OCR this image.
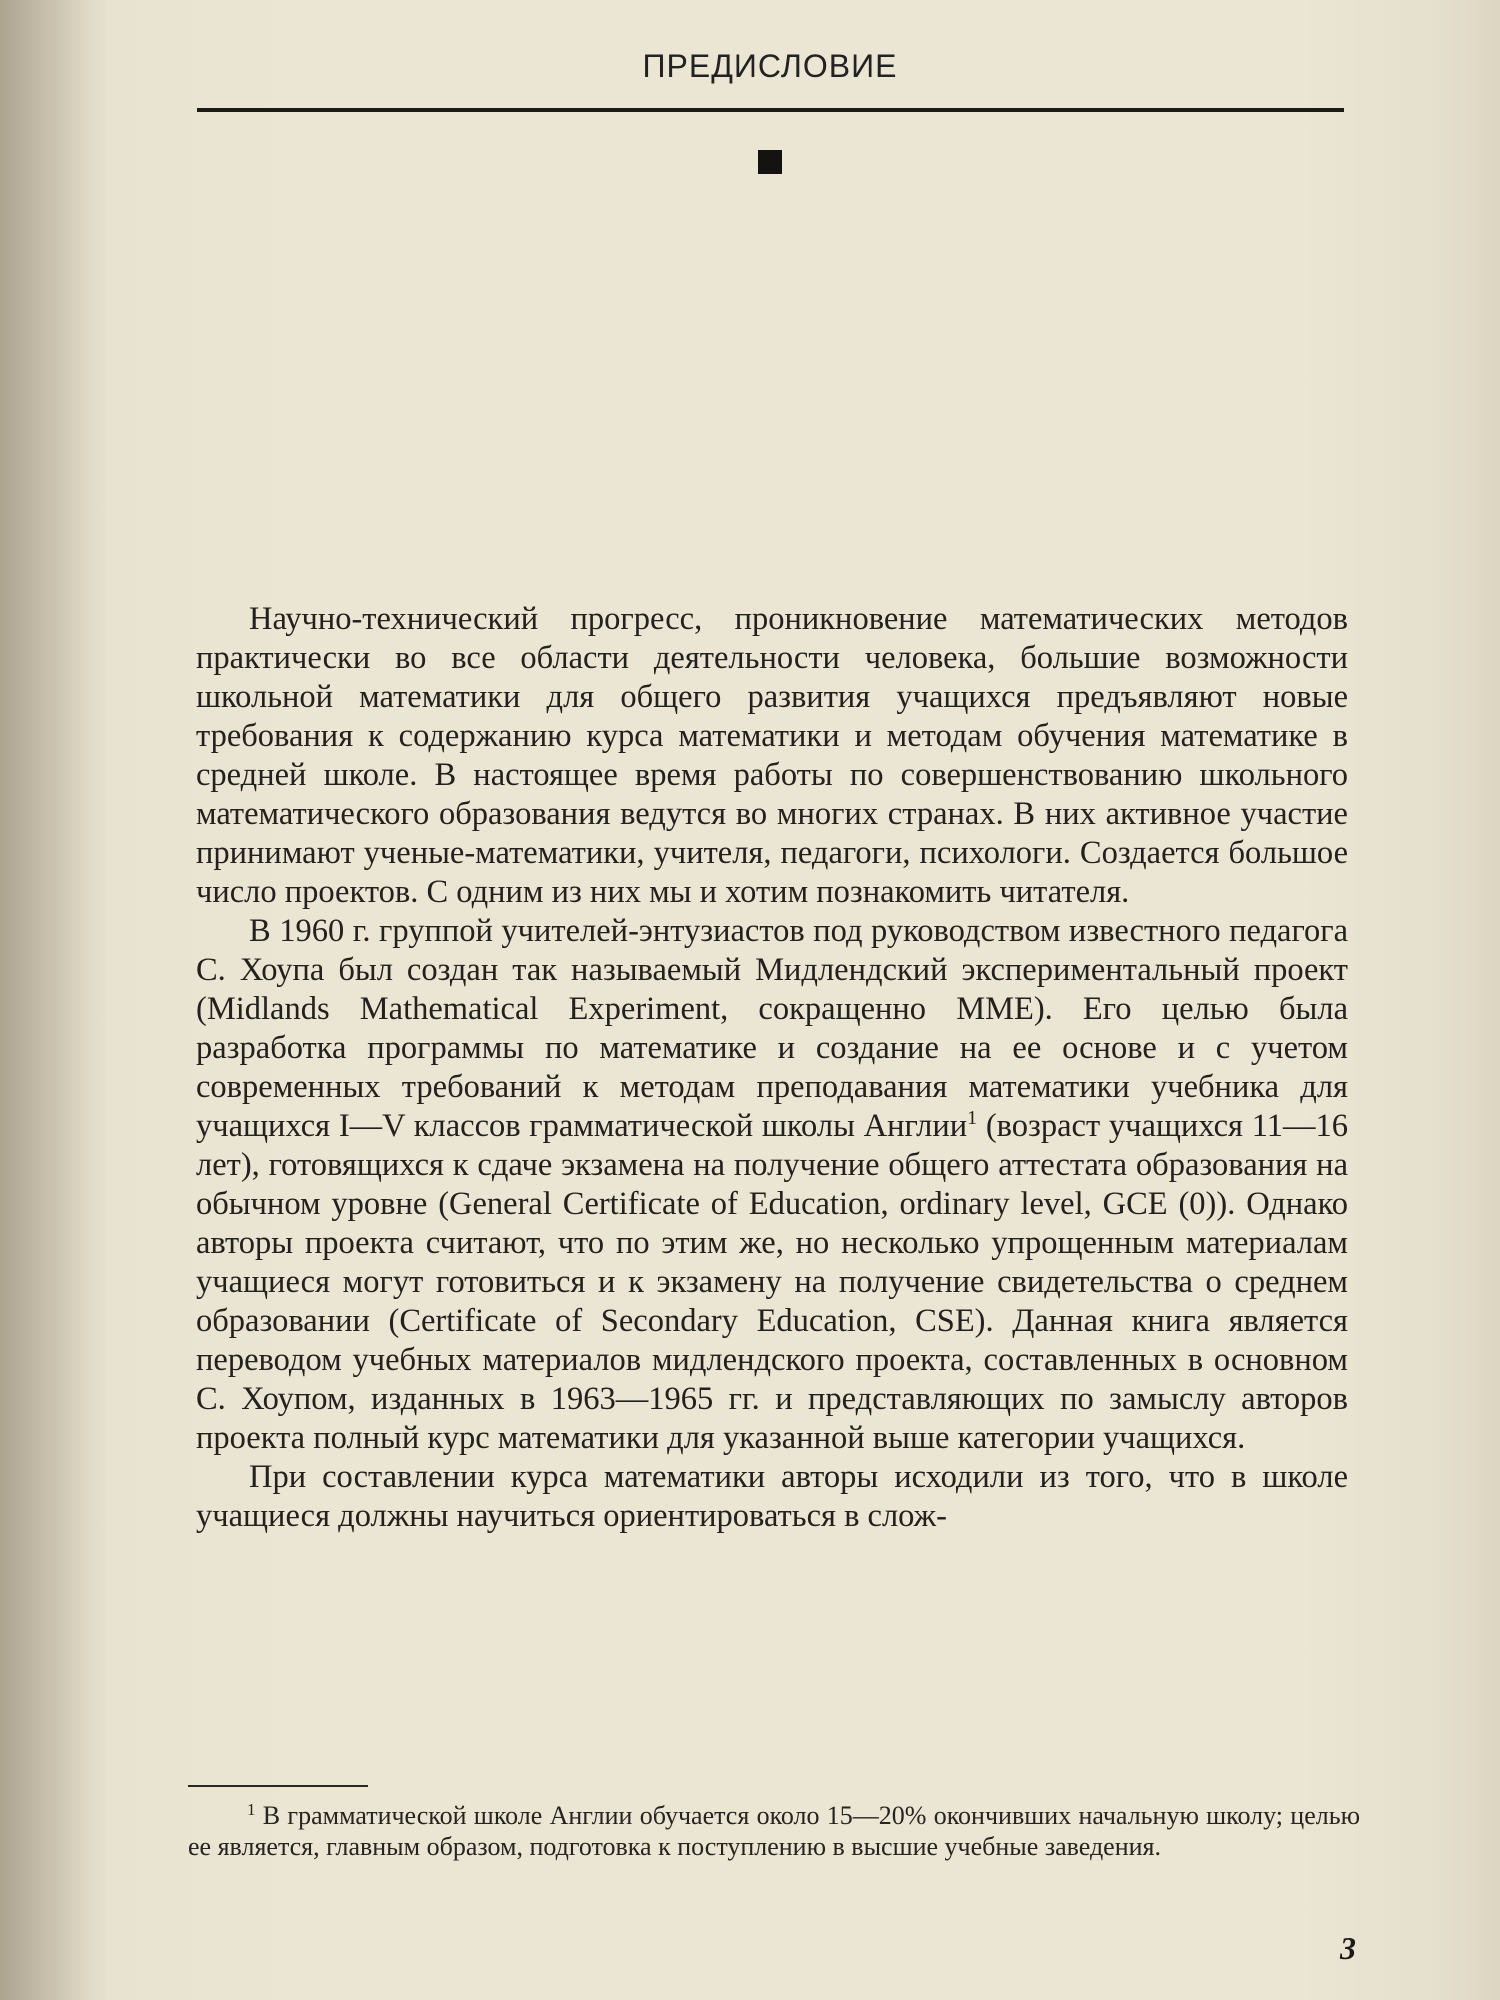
ПРЕДИСЛОВИЕ

Научно-технический прогресс, проникновение математических методов практически во все области деятельности человека, большие возможности школьной математики для общего развития учащихся предъявляют новые требования к содержанию курса математики и методам обучения математике в средней школе. В настоящее время работы по совершенствованию школьного математического образования ведутся во многих странах. В них активное участие принимают ученые-математики, учителя, педагоги, психологи. Создается большое число проектов. С одним из них мы и хотим познакомить читателя.

В 1960 г. группой учителей-энтузиастов под руководством известного педагога С. Хоупа был создан так называемый Мидлендский экспериментальный проект (Midlands Mathematical Experiment, сокращенно MME). Его целью была разработка программы по математике и создание на ее основе и с учетом современных требований к методам преподавания математики учебника для учащихся I—V классов грамматической школы Англии$^1$ (возраст учащихся 11—16 лет), готовящихся к сдаче экзамена на получение общего аттестата образования на обычном уровне (General Certificate of Education, ordinary level, GCE (0)). Однако авторы проекта считают, что по этим же, но несколько упрощенным материалам учащиеся могут готовиться и к экзамену на получение свидетельства о среднем образовании (Certificate of Secondary Education, CSE). Данная книга является переводом учебных материалов мидлендского проекта, составленных в основном С. Хоупом, изданных в 1963—1965 гг. и представляющих по замыслу авторов проекта полный курс математики для указанной выше категории учащихся.

При составлении курса математики авторы исходили из того, что в школе учащиеся должны научиться ориентироваться в слож-

$^1$ В грамматической школе Англии обучается около 15—20% окончивших начальную школу; целью ее является, главным образом, подготовка к поступлению в высшие учебные заведения.

3
